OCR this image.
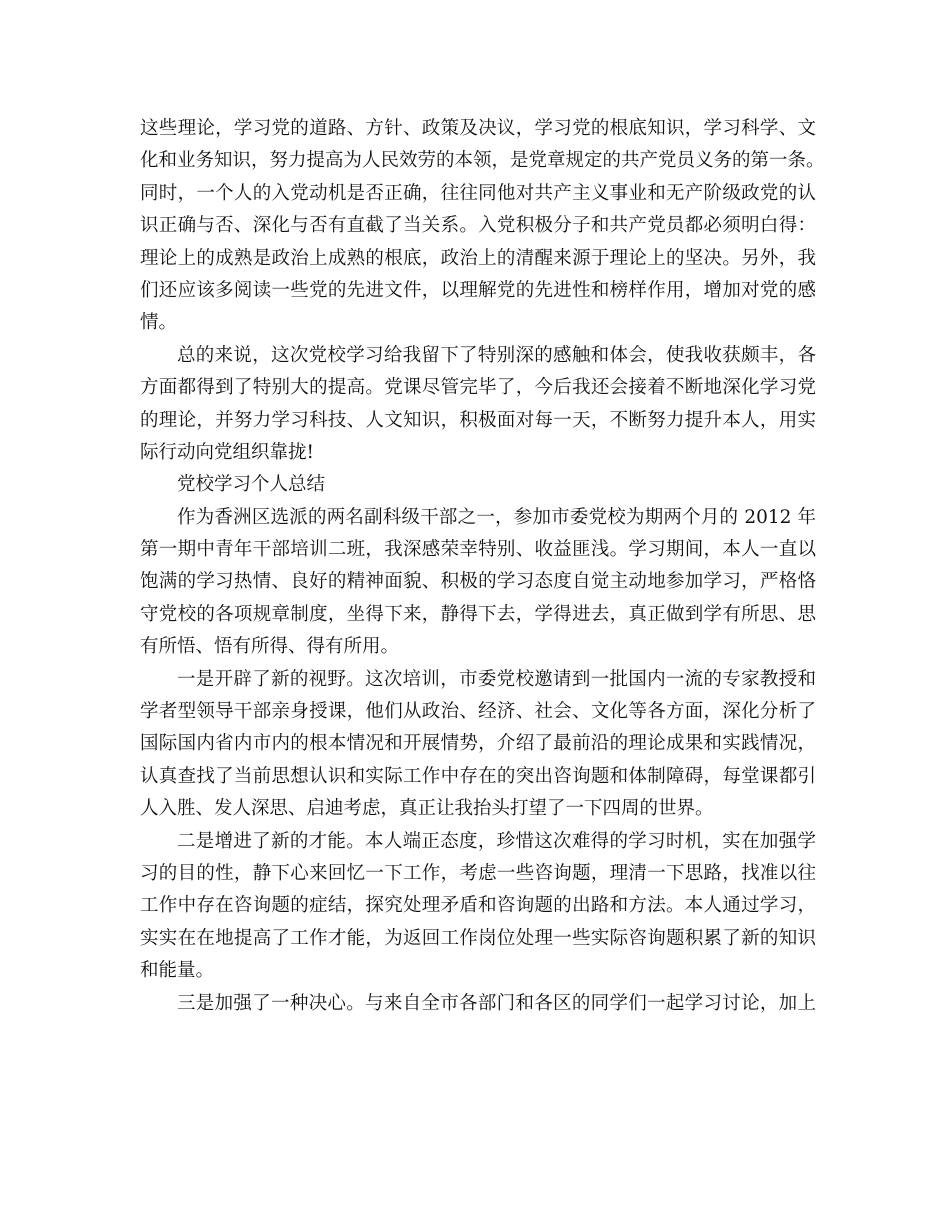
这些理论，学习党的道路、方针、政策及决议，学习党的根底知识，学习科学、文
化和业务知识，努力提高为人民效劳的本领，是党章规定的共产党员义务的第一条。
同时，一个人的入党动机是否正确，往往同他对共产主义事业和无产阶级政党的认
识正确与否、深化与否有直截了当关系。入党积极分子和共产党员都必须明白得：
理论上的成熟是政治上成熟的根底，政治上的清醒来源于理论上的坚决。另外，我
们还应该多阅读一些党的先进文件，以理解党的先进性和榜样作用，增加对党的感
情。
总的来说，这次党校学习给我留下了特别深的感触和体会，使我收获颇丰，各
方面都得到了特别大的提高。党课尽管完毕了，今后我还会接着不断地深化学习党
的理论，并努力学习科技、人文知识，积极面对每一天，不断努力提升本人，用实
际行动向党组织靠拢!
党校学习个人总结
作为香洲区选派的两名副科级干部之一，参加市委党校为期两个月的 2012 年
第一期中青年干部培训二班，我深感荣幸特别、收益匪浅。学习期间，本人一直以
饱满的学习热情、良好的精神面貌、积极的学习态度自觉主动地参加学习，严格恪
守党校的各项规章制度，坐得下来，静得下去，学得进去，真正做到学有所思、思
有所悟、悟有所得、得有所用。
一是开辟了新的视野。这次培训，市委党校邀请到一批国内一流的专家教授和
学者型领导干部亲身授课，他们从政治、经济、社会、文化等各方面，深化分析了
国际国内省内市内的根本情况和开展情势，介绍了最前沿的理论成果和实践情况，
认真查找了当前思想认识和实际工作中存在的突出咨询题和体制障碍，每堂课都引
人入胜、发人深思、启迪考虑，真正让我抬头打望了一下四周的世界。
二是增进了新的才能。本人端正态度，珍惜这次难得的学习时机，实在加强学
习的目的性，静下心来回忆一下工作，考虑一些咨询题，理清一下思路，找准以往
工作中存在咨询题的症结，探究处理矛盾和咨询题的出路和方法。本人通过学习，
实实在在地提高了工作才能，为返回工作岗位处理一些实际咨询题积累了新的知识
和能量。
三是加强了一种决心。与来自全市各部门和各区的同学们一起学习讨论，加上
